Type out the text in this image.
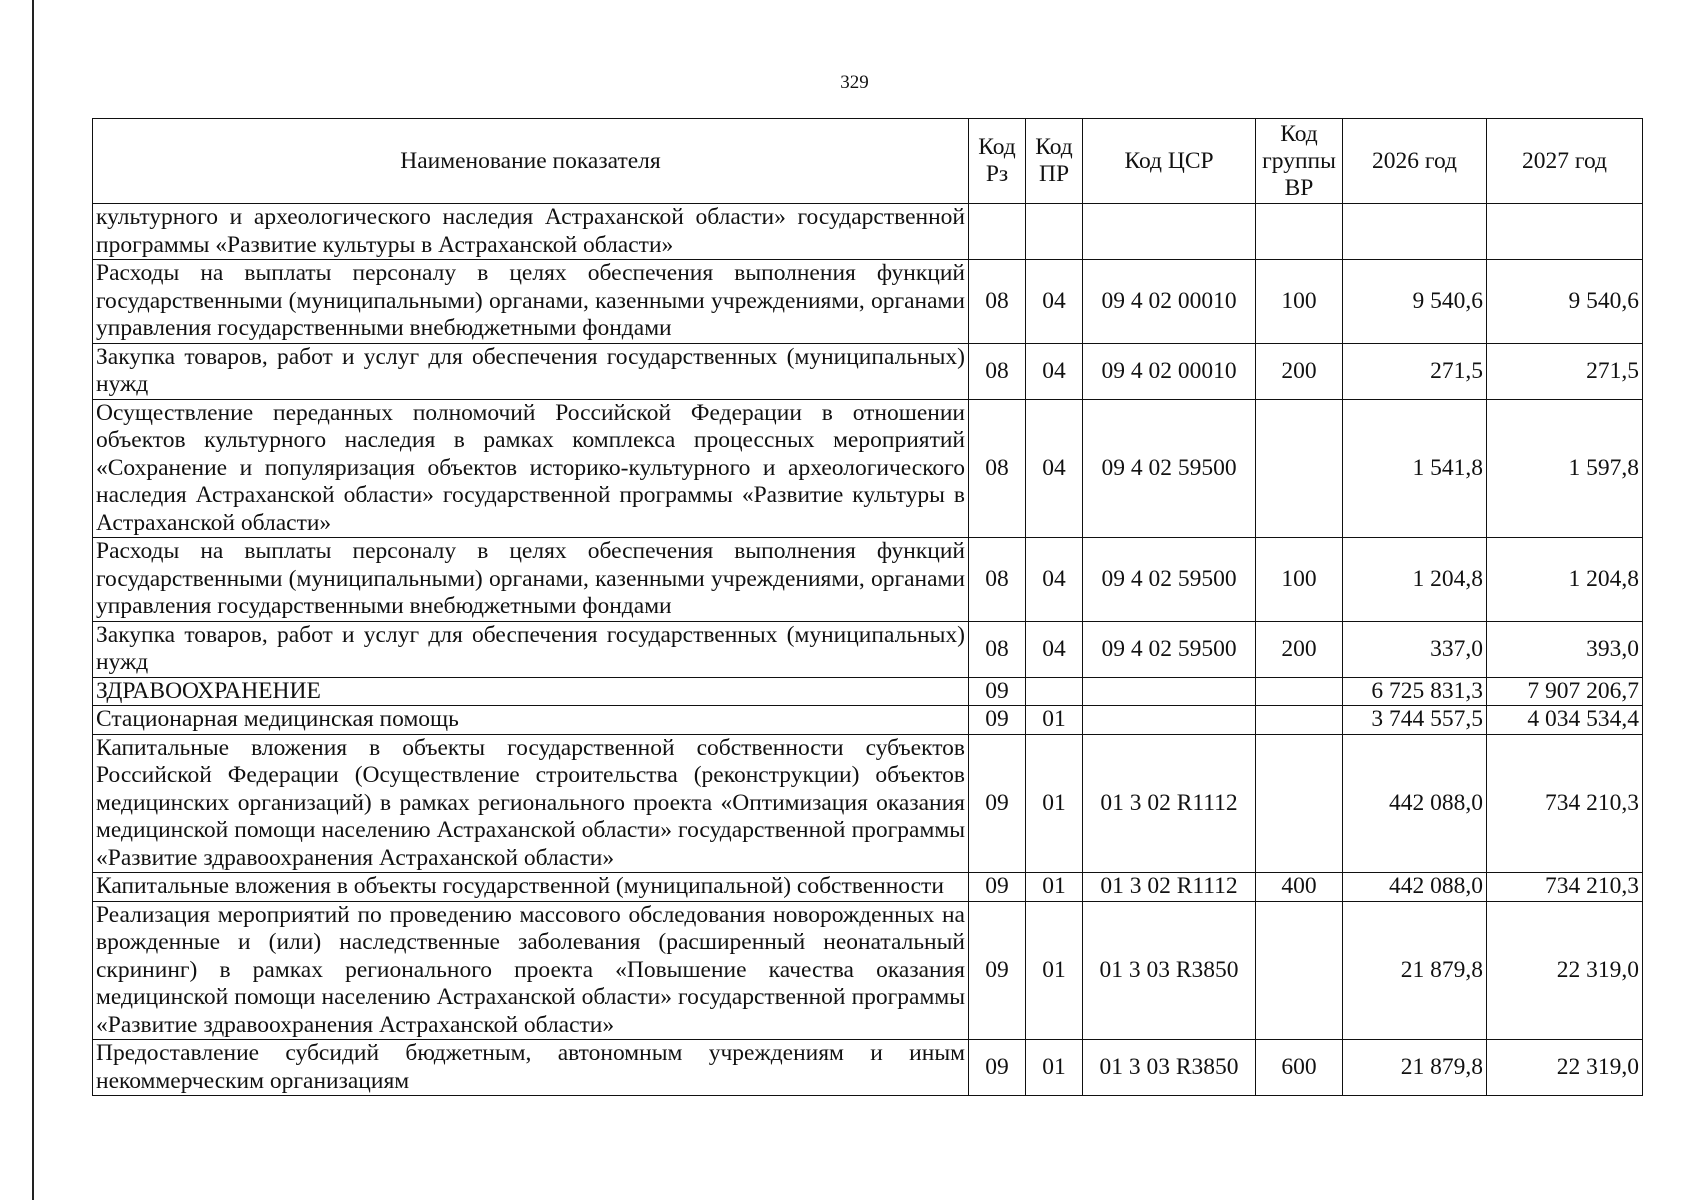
329
Наименование показателя	Код Рз	Код ПР	Код ЦСР	Код группы ВР	2026 год	2027 год
культурного и археологического наследия Астраханской области» государственной программы «Развитие культуры в Астраханской области»						
Расходы на выплаты персоналу в целях обеспечения выполнения функций государственными (муниципальными) органами, казенными учреждениями, органами управления государственными внебюджетными фондами	08	04	09 4 02 00010	100	9 540,6	9 540,6
Закупка товаров, работ и услуг для обеспечения государственных (муниципальных) нужд	08	04	09 4 02 00010	200	271,5	271,5
Осуществление переданных полномочий Российской Федерации в отношении объектов культурного наследия в рамках комплекса процессных мероприятий «Сохранение и популяризация объектов историко-культурного и археологического наследия Астраханской области» государственной программы «Развитие культуры в Астраханской области»	08	04	09 4 02 59500		1 541,8	1 597,8
Расходы на выплаты персоналу в целях обеспечения выполнения функций государственными (муниципальными) органами, казенными учреждениями, органами управления государственными внебюджетными фондами	08	04	09 4 02 59500	100	1 204,8	1 204,8
Закупка товаров, работ и услуг для обеспечения государственных (муниципальных) нужд	08	04	09 4 02 59500	200	337,0	393,0
ЗДРАВООХРАНЕНИЕ	09				6 725 831,3	7 907 206,7
Стационарная медицинская помощь	09	01			3 744 557,5	4 034 534,4
Капитальные вложения в объекты государственной собственности субъектов Российской Федерации (Осуществление строительства (реконструкции) объектов медицинских организаций) в рамках регионального проекта «Оптимизация оказания медицинской помощи населению Астраханской области» государственной программы «Развитие здравоохранения Астраханской области»	09	01	01 3 02 R1112		442 088,0	734 210,3
Капитальные вложения в объекты государственной (муниципальной) собственности	09	01	01 3 02 R1112	400	442 088,0	734 210,3
Реализация мероприятий по проведению массового обследования новорожденных на врожденные и (или) наследственные заболевания (расширенный неонатальный скрининг) в рамках регионального проекта «Повышение качества оказания медицинской помощи населению Астраханской области» государственной программы «Развитие здравоохранения Астраханской области»	09	01	01 3 03 R3850		21 879,8	22 319,0
Предоставление субсидий бюджетным, автономным учреждениям и иным некоммерческим организациям	09	01	01 3 03 R3850	600	21 879,8	22 319,0
